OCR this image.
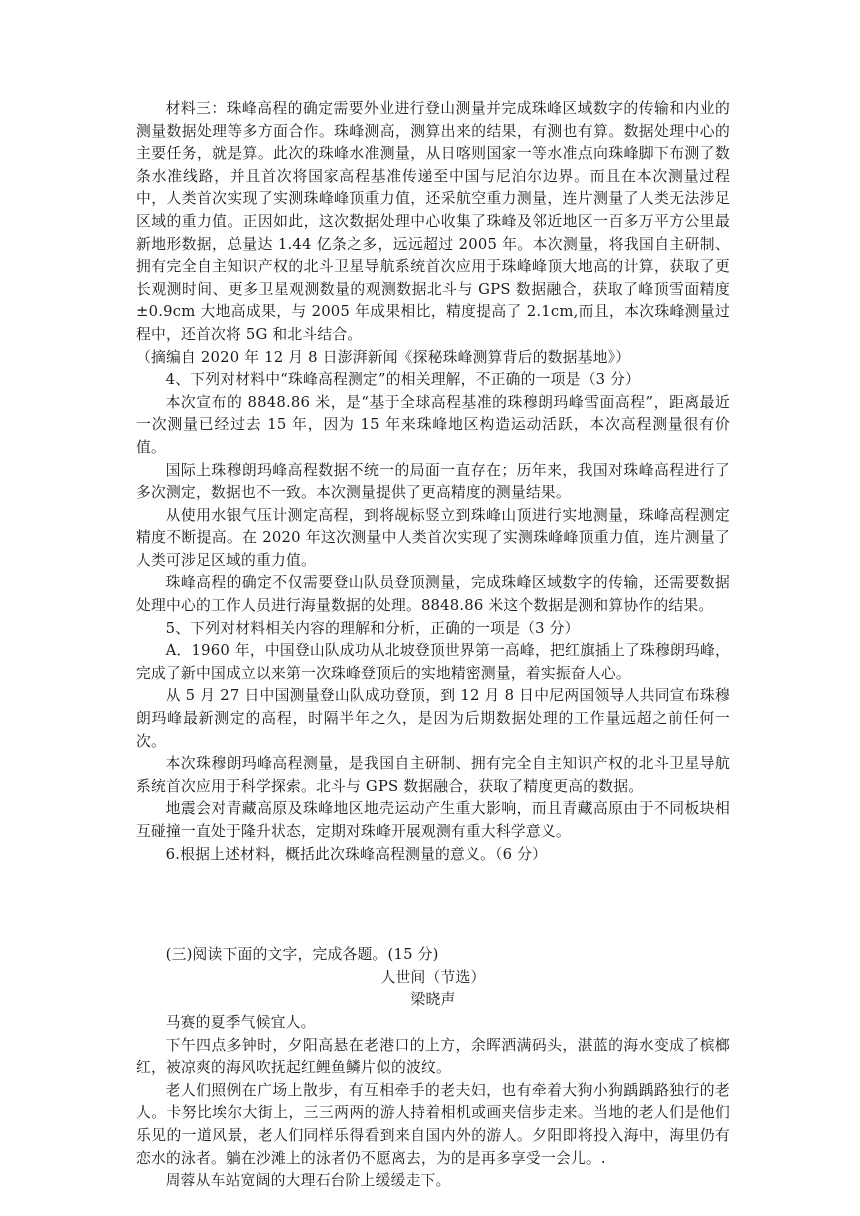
材料三：珠峰高程的确定需要外业进行登山测量并完成珠峰区域数字的传输和内业的测量数据处理等多方面合作。珠峰测高，测算出来的结果，有测也有算。数据处理中心的主要任务，就是算。此次的珠峰水准测量，从日喀则国家一等水准点向珠峰脚下布测了数条水准线路，并且首次将国家高程基准传递至中国与尼泊尔边界。而且在本次测量过程中，人类首次实现了实测珠峰峰顶重力值，还采航空重力测量，连片测量了人类无法涉足区域的重力值。正因如此，这次数据处理中心收集了珠峰及邻近地区一百多万平方公里最新地形数据，总量达 1.44 亿条之多，远远超过 2005 年。本次测量，将我国自主研制、拥有完全自主知识产权的北斗卫星导航系统首次应用于珠峰峰顶大地高的计算，获取了更长观测时间、更多卫星观测数量的观测数据北斗与 GPS 数据融合，获取了峰顶雪面精度±0.9cm 大地高成果，与 2005 年成果相比，精度提高了 2.1cm,而且，本次珠峰测量过程中，还首次将 5G 和北斗结合。

（摘编自 2020 年 12 月 8 日澎湃新闻《探秘珠峰测算背后的数据基地》）

4、下列对材料中“珠峰高程测定”的相关理解，不正确的一项是（3 分）

本次宣布的 8848.86 米，是“基于全球高程基准的珠穆朗玛峰雪面高程”，距离最近一次测量已经过去 15 年，因为 15 年来珠峰地区构造运动活跃，本次高程测量很有价值。

国际上珠穆朗玛峰高程数据不统一的局面一直存在；历年来，我国对珠峰高程进行了多次测定，数据也不一致。本次测量提供了更高精度的测量结果。

从使用水银气压计测定高程，到将觇标竖立到珠峰山顶进行实地测量，珠峰高程测定精度不断提高。在 2020 年这次测量中人类首次实现了实测珠峰峰顶重力值，连片测量了人类可涉足区域的重力值。

珠峰高程的确定不仅需要登山队员登顶测量，完成珠峰区域数字的传输，还需要数据处理中心的工作人员进行海量数据的处理。8848.86 米这个数据是测和算协作的结果。

5、下列对材料相关内容的理解和分析，正确的一项是（3 分）

A．1960 年，中国登山队成功从北坡登顶世界第一高峰，把红旗插上了珠穆朗玛峰，完成了新中国成立以来第一次珠峰登顶后的实地精密测量，着实振奋人心。

从 5 月 27 日中国测量登山队成功登顶，到 12 月 8 日中尼两国领导人共同宣布珠穆朗玛峰最新测定的高程，时隔半年之久，是因为后期数据处理的工作量远超之前任何一次。

本次珠穆朗玛峰高程测量，是我国自主研制、拥有完全自主知识产权的北斗卫星导航系统首次应用于科学探索。北斗与 GPS 数据融合，获取了精度更高的数据。

地震会对青藏高原及珠峰地区地壳运动产生重大影响，而且青藏高原由于不同板块相互碰撞一直处于隆升状态，定期对珠峰开展观测有重大科学意义。

6.根据上述材料，概括此次珠峰高程测量的意义。（6 分）

(三)阅读下面的文字，完成各题。(15 分)

人世间（节选）

梁晓声

马赛的夏季气候宜人。

下午四点多钟时，夕阳高悬在老港口的上方，余晖洒满码头，湛蓝的海水变成了槟榔红，被凉爽的海风吹抚起红鲤鱼鳞片似的波纹。

老人们照例在广场上散步，有互相牵手的老夫妇，也有牵着大狗小狗踽踽路独行的老人。卡努比埃尔大街上，三三两两的游人持着相机或画夹信步走来。当地的老人们是他们乐见的一道风景，老人们同样乐得看到来自国内外的游人。夕阳即将投入海中，海里仍有恋水的泳者。躺在沙滩上的泳者仍不愿离去，为的是再多享受一会儿。.

周蓉从车站宽阔的大理石台阶上缓缓走下。
